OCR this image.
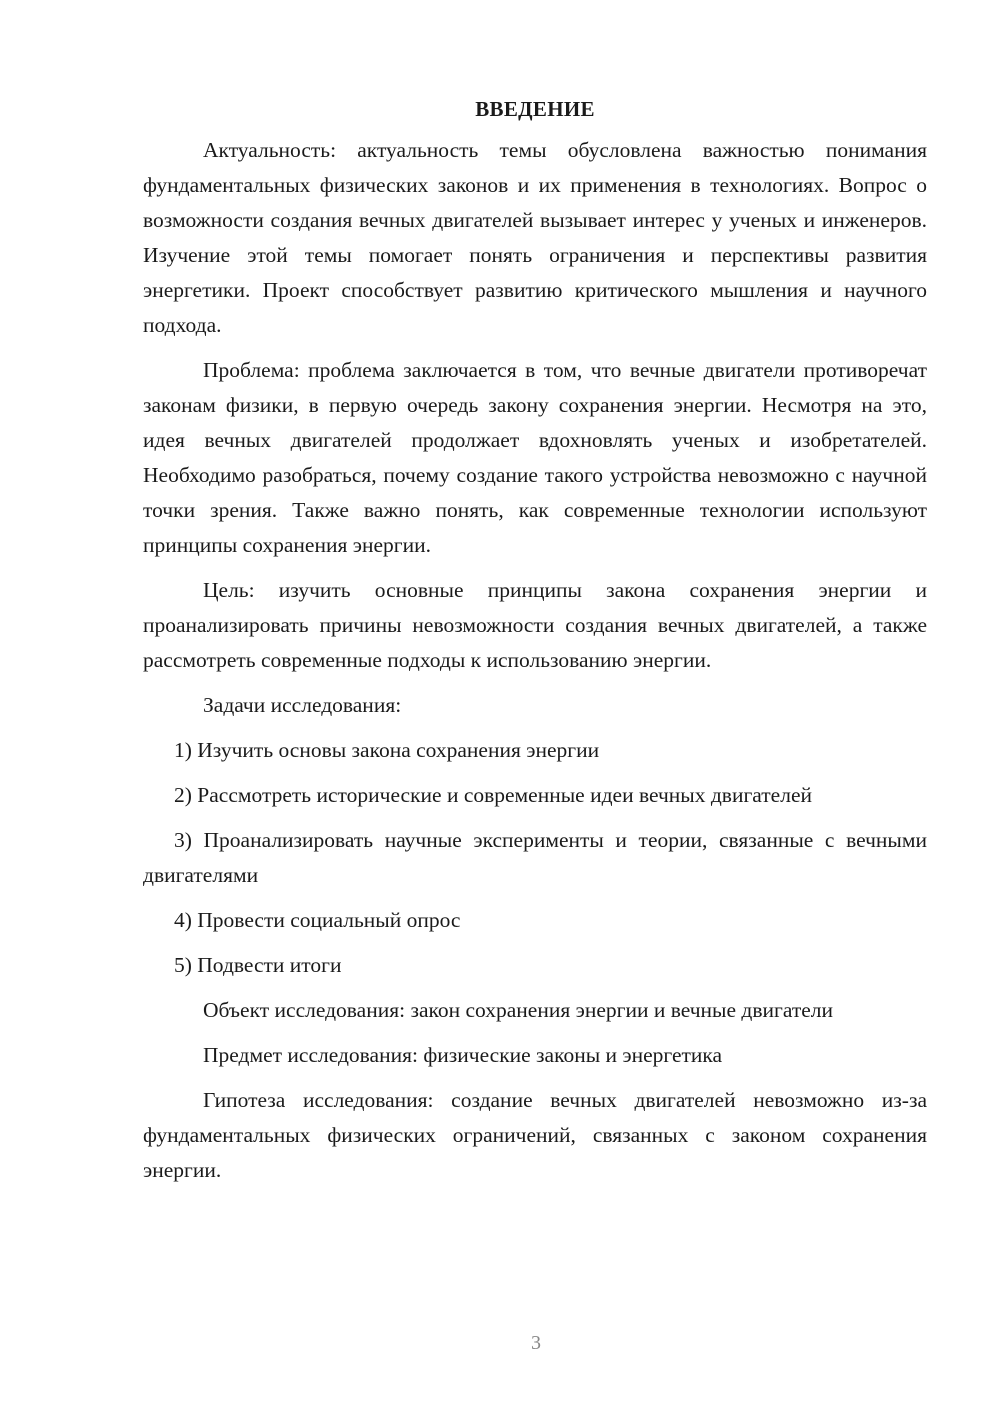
ВВЕДЕНИЕ

Актуальность: актуальность темы обусловлена важностью понимания фундаментальных физических законов и их применения в технологиях. Вопрос о возможности создания вечных двигателей вызывает интерес у ученых и инженеров. Изучение этой темы помогает понять ограничения и перспективы развития энергетики. Проект способствует развитию критического мышления и научного подхода.

Проблема: проблема заключается в том, что вечные двигатели противоречат законам физики, в первую очередь закону сохранения энергии. Несмотря на это, идея вечных двигателей продолжает вдохновлять ученых и изобретателей. Необходимо разобраться, почему создание такого устройства невозможно с научной точки зрения. Также важно понять, как современные технологии используют принципы сохранения энергии.

Цель: изучить основные принципы закона сохранения энергии и проанализировать причины невозможности создания вечных двигателей, а также рассмотреть современные подходы к использованию энергии.

Задачи исследования:

1) Изучить основы закона сохранения энергии

2) Рассмотреть исторические и современные идеи вечных двигателей

3) Проанализировать научные эксперименты и теории, связанные с вечными двигателями

4) Провести социальный опрос

5) Подвести итоги

Объект исследования: закон сохранения энергии и вечные двигатели

Предмет исследования: физические законы и энергетика

Гипотеза исследования: создание вечных двигателей невозможно из-за фундаментальных физических ограничений, связанных с законом сохранения энергии.

3
